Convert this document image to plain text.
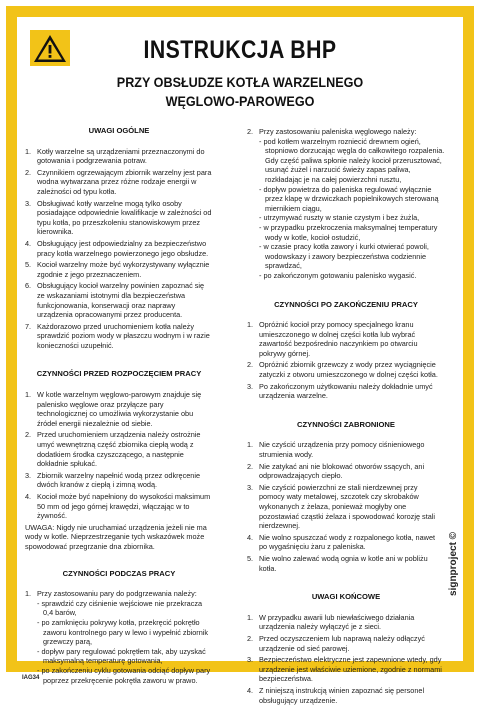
INSTRUKCJA BHP
PRZY OBSŁUDZE KOTŁA WARZELNEGO
WĘGLOWO-PAROWEGO
UWAGI OGÓLNE
1. Kotły warzelne są urządzeniami przeznaczonymi do gotowania i podgrzewania potraw.
2. Czynnikiem ogrzewającym zbiornik warzelny jest para wodna wytwarzana przez różne rodzaje energii w zależności od typu kotła.
3. Obsługiwać kotły warzelne mogą tylko osoby posiadające odpowiednie kwalifikacje w zależności od typu kotła, po przeszkoleniu stanowiskowym przez kierownika.
4. Obsługujący jest odpowiedzialny za bezpieczeństwo pracy kotła warzelnego powierzonego jego obsłudze.
5. Kocioł warzelny może być wykorzystywany wyłącznie zgodnie z jego przeznaczeniem.
6. Obsługujący kocioł warzelny powinien zapoznać się ze wskazaniami istotnymi dla bezpieczeństwa funkcjonowania, konserwacji oraz naprawy urządzenia opracowanymi przez producenta.
7. Każdorazowo przed uruchomieniem kotła należy sprawdzić poziom wody w płaszczu wodnym i w razie konieczności uzupełnić.
CZYNNOŚCI PRZED ROZPOCZĘCIEM PRACY
1. W kotle warzelnym węglowo-parowym znajduje się palenisko węglowe oraz przyłącze pary technologicznej co umożliwia wykorzystanie obu źródeł energii niezależnie od siebie.
2. Przed uruchomieniem urządzenia należy ostrożnie umyć wewnętrzną część zbiornika ciepłą wodą z dodatkiem środka czyszczącego, a następnie dokładnie spłukać.
3. Zbiornik warzelny napełnić wodą przez odkręcenie dwóch kranów z ciepłą i zimną wodą.
4. Kocioł może być napełniony do wysokości maksimum 50 mm od jego górnej krawędzi, włączając w to żywność.

UWAGA: Nigdy nie uruchamiać urządzenia jeżeli nie ma wody w kotle. Nieprzestrzeganie tych wskazówek może spowodować przegrzanie dna zbiornika.

CZYNNOŚCI PODCZAS PRACY
1. Przy zastosowaniu pary do podgrzewania należy:
- sprawdzić czy ciśnienie wejściowe nie przekracza 0,4 barów,
- po zamknięciu pokrywy kotła, przekręcić pokrętło zaworu kontrolnego pary w lewo i wypełnić zbiornik grzewczy parą,
- dopływ pary regulować pokrętłem tak, aby uzyskać maksymalną temperaturę gotowania,
- po zakończeniu cyklu gotowania odciąć dopływ pary poprzez przekręcenie pokrętła zaworu w prawo.
2. Przy zastosowaniu paleniska węglowego należy:
- pod kotłem warzelnym rozniecić drewnem ogień, stopniowo dorzucając węgla do całkowitego rozpalenia. Gdy część paliwa spłonie należy kocioł przerusztować, usunąć żużel i narzucić świeży zapas paliwa, rozkładając je na całej powierzchni rusztu,
- dopływ powietrza do paleniska regulować wyłącznie przez klapę w drzwiczkach popielnikowych sterowaną miernikiem ciągu,
- utrzymywać ruszty w stanie czystym i bez żużla,
- w przypadku przekroczenia maksymalnej temperatury wody w kotle, kocioł ostudzić,
- w czasie pracy kotła zawory i kurki otwierać powoli, wodowskazy i zawory bezpieczeństwa codziennie sprawdzać,
- po zakończonym gotowaniu palenisko wygasić.
CZYNNOŚCI PO ZAKOŃCZENIU PRACY
1. Opróżnić kocioł przy pomocy specjalnego kranu umieszczonego w dolnej części kotła lub wybrać zawartość bezpośrednio naczynkiem po otwarciu pokrywy górnej.
2. Opróżnić zbiornik grzewczy z wody przez wyciągnięcie zatyczki z otworu umieszczonego w dolnej części kotła.
3. Po zakończonym użytkowaniu należy dokładnie umyć urządzenia warzelne.
CZYNNOŚCI ZABRONIONE
1. Nie czyścić urządzenia przy pomocy ciśnieniowego strumienia wody.
2. Nie zatykać ani nie blokować otworów ssących, ani odprowadzających ciepło.
3. Nie czyścić powierzchni ze stali nierdzewnej przy pomocy waty metalowej, szczotek czy skrobaków wykonanych z żelaza, ponieważ mogłyby one pozostawiać cząstki żelaza i spowodować korozję stali nierdzewnej.
4. Nie wolno spuszczać wody z rozpalonego kotła, nawet po wygaśnięciu żaru z paleniska.
5. Nie wolno zalewać wodą ognia w kotle ani w pobliżu kotła.
UWAGI KOŃCOWE
1. W przypadku awarii lub niewłaściwego działania urządzenia należy wyłączyć je z sieci.
2. Przed oczyszczeniem lub naprawą należy odłączyć urządzenie od sieć parowej.
3. Bezpieczeństwo elektryczne jest zapewnione wtedy, gdy urządzenie jest właściwie uziemione, zgodnie z normami bezpieczeństwa.
4. Z niniejszą instrukcją winien zapoznać się personel obsługujący urządzenie.
signproject ©
IAG34
